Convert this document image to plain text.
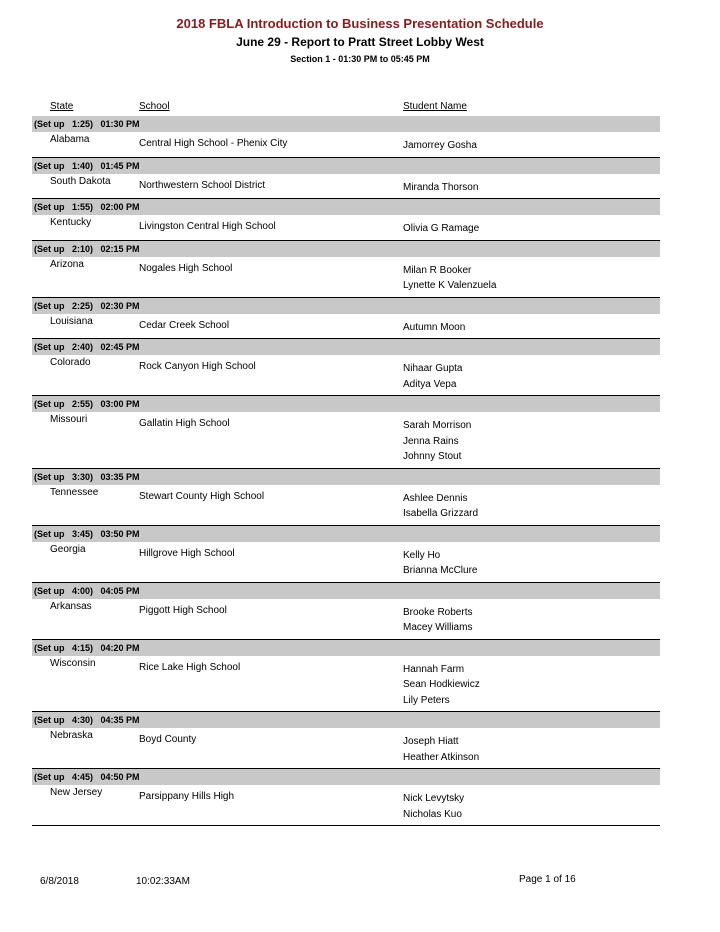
2018 FBLA Introduction to Business Presentation Schedule
June 29 - Report to Pratt Street Lobby West
Section 1 - 01:30 PM to 05:45 PM
State	School	Student Name
(Set up   1:25)   01:30 PM
Alabama	Central High School - Phenix City	Jamorrey Gosha
(Set up   1:40)   01:45 PM
South Dakota	Northwestern School District	Miranda Thorson
(Set up   1:55)   02:00 PM
Kentucky	Livingston Central High School	Olivia G Ramage
(Set up   2:10)   02:15 PM
Arizona	Nogales High School	Milan R Booker
Lynette K Valenzuela
(Set up   2:25)   02:30 PM
Louisiana	Cedar Creek School	Autumn Moon
(Set up   2:40)   02:45 PM
Colorado	Rock Canyon High School	Nihaar Gupta
Aditya Vepa
(Set up   2:55)   03:00 PM
Missouri	Gallatin High School	Sarah Morrison
Jenna Rains
Johnny Stout
(Set up   3:30)   03:35 PM
Tennessee	Stewart County High School	Ashlee Dennis
Isabella Grizzard
(Set up   3:45)   03:50 PM
Georgia	Hillgrove High School	Kelly Ho
Brianna McClure
(Set up   4:00)   04:05 PM
Arkansas	Piggott High School	Brooke Roberts
Macey Williams
(Set up   4:15)   04:20 PM
Wisconsin	Rice Lake High School	Hannah Farm
Sean Hodkiewicz
Lily Peters
(Set up   4:30)   04:35 PM
Nebraska	Boyd County	Joseph Hiatt
Heather Atkinson
(Set up   4:45)   04:50 PM
New Jersey	Parsippany Hills High	Nick Levytsky
Nicholas Kuo
6/8/2018	10:02:33AM	Page 1 of 16
